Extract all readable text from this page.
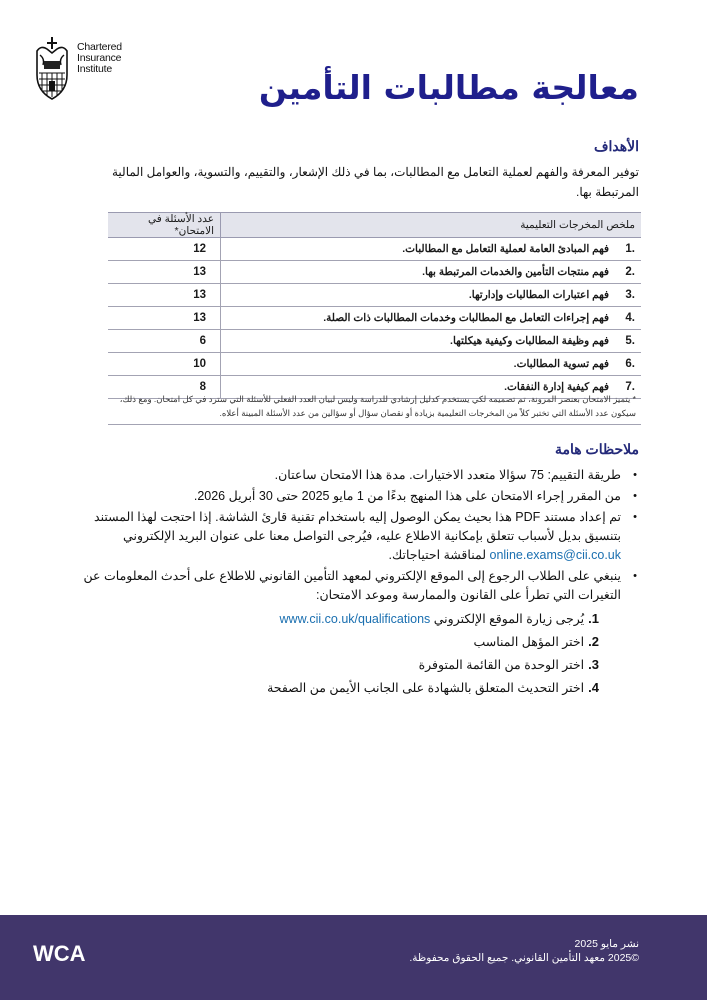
Chartered
Insurance
Institute	معالجة مطالبات التأمين
الأهداف
توفير المعرفة والفهم لعملية التعامل مع المطالبات، بما في ذلك الإشعار، والتقييم، والتسوية، والعوامل المالية المرتبطة بها.
ملخص المخرجات التعليمية	عدد الأسئلة في الامتحان*
1.فهم المبادئ العامة لعملية التعامل مع المطالبات.	12
2.فهم منتجات التأمين والخدمات المرتبطة بها.	13
3.فهم اعتبارات المطالبات وإدارتها.	13
4.فهم إجراءات التعامل مع المطالبات وخدمات المطالبات ذات الصلة.	13
5.فهم وظيفة المطالبات وكيفية هيكلتها.	6
6.فهم تسوية المطالبات.	10
7.فهم كيفية إدارة النفقات.	8
* يتميز الامتحان بعنصر المرونة، تم تصميمه لكي يستخدم كدليل إرشادي للدراسة وليس لبيان العدد الفعلي للأسئلة التي سترد في كل امتحان. ومع ذلك، سيكون عدد الأسئلة التي تختبر كلاً من المخرجات التعليمية بزيادة أو نقصان سؤال أو سؤالين من عدد الأسئلة المبينة أعلاه.
ملاحظات هامة
• طريقة التقييم: 75 سؤالا متعدد الاختيارات. مدة هذا الامتحان ساعتان.
• من المقرر إجراء الامتحان على هذا المنهج بدءًا من 1 مايو 2025 حتى 30 أبريل 2026.
• تم إعداد مستند PDF هذا بحيث يمكن الوصول إليه باستخدام تقنية قارئ الشاشة. إذا احتجت لهذا المستند بتنسيق بديل لأسباب تتعلق بإمكانية الاطلاع عليه، فيُرجى التواصل معنا على عنوان البريد الإلكتروني online.exams@cii.co.uk لمناقشة احتياجاتك.
• ينبغي على الطلاب الرجوع إلى الموقع الإلكتروني لمعهد التأمين القانوني للاطلاع على أحدث المعلومات عن التغيرات التي تطرأ على القانون والممارسة وموعد الامتحان:
1.يُرجى زيارة الموقع الإلكتروني www.cii.co.uk/qualifications
2.اختر المؤهل المناسب
3.اختر الوحدة من القائمة المتوفرة
4.اختر التحديث المتعلق بالشهادة على الجانب الأيمن من الصفحة
WCA	نشر مايو 2025
©2025 معهد التأمين القانوني. جميع الحقوق محفوظة.
